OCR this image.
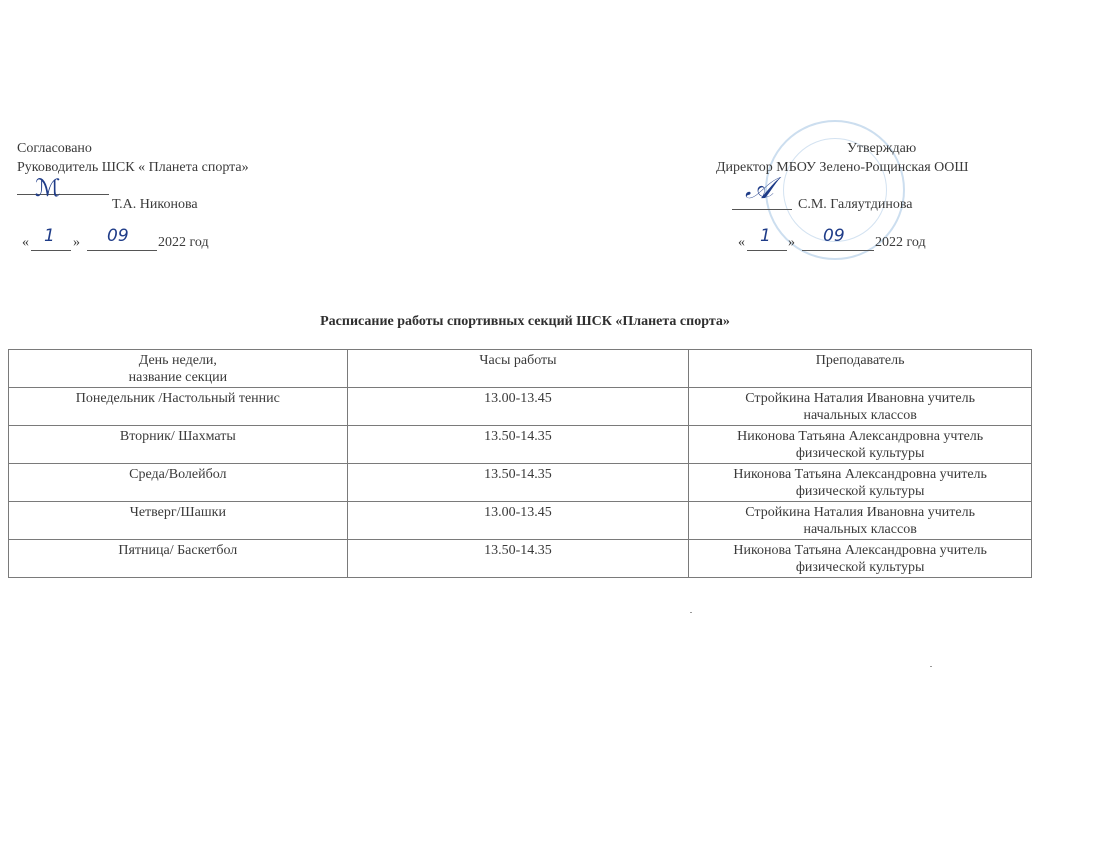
Согласовано
Руководитель ШСК « Планета спорта»
ℳ
Т.А. Никонова
« 1 » 09 2022 год
Утверждаю
Директор МБОУ Зелено-Рощинская ООШ
𝒜 С.М. Галяутдинова
« 1 » 09 2022 год
Расписание работы спортивных секций ШСК «Планета спорта»
День недели,
название секции	Часы работы	Преподаватель
Понедельник /Настольный теннис	13.00-13.45	Стройкина Наталия Ивановна учитель
начальных классов

Вторник/ Шахматы	13.50-14.35	Никонова Татьяна Александровна учтель
физической культуры

Среда/Волейбол	13.50-14.35	Никонова Татьяна Александровна учитель
физической культуры

Четверг/Шашки	13.00-13.45	Стройкина Наталия Ивановна учитель
начальных классов

Пятница/ Баскетбол	13.50-14.35	Никонова Татьяна Александровна учитель
физической культуры
